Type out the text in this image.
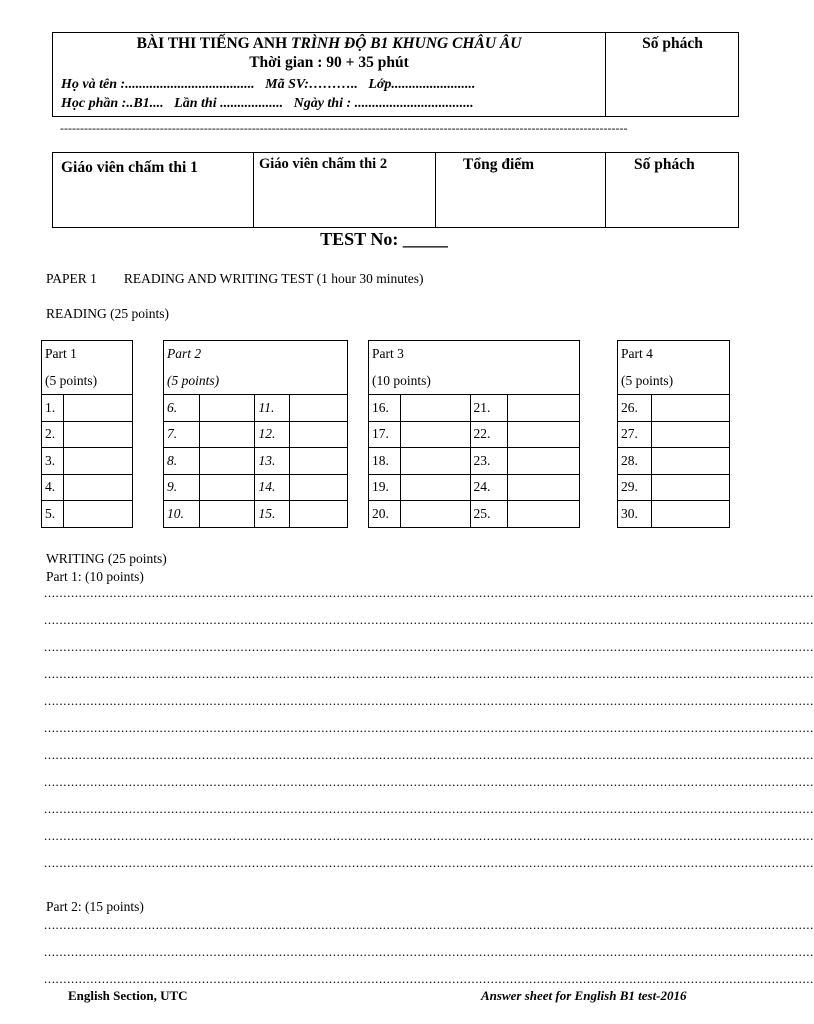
BÀI THI TIẾNG ANH TRÌNH ĐỘ B1 KHUNG CHÂU ÂU
Thời gian : 90 + 35 phút
Họ và tên :.....................................   Mã SV:………..   Lớp........................
Học phần :..B1....   Lần thi ..................   Ngày thi : ..................................
Số phách
----------------------------------------------------------------------------------------------------------------------------------------------
Giáo viên chấm thi 1	Giáo viên chấm thi 2	Tổng điểm	Số phách
TEST No: _____
PAPER 1        READING AND WRITING TEST (1 hour 30 minutes)
READING (25 points)
Part 1	
(5 points)	
1.	
2.	
3.	
4.	
5.	
Part 2			
(5 points)			
6.		11.	
7.		12.	
8.		13.	
9.		14.	
10.		15.	
Part 3			
(10 points)			
16.		21.	
17.		22.	
18.		23.	
19.		24.	
20.		25.	
Part 4	
(5 points)	
26.	
27.	
28.	
29.	
30.	
WRITING (25 points)
Part 1: (10 points)
........................................................................................................................................................................................................
........................................................................................................................................................................................................
........................................................................................................................................................................................................
........................................................................................................................................................................................................
........................................................................................................................................................................................................
........................................................................................................................................................................................................
........................................................................................................................................................................................................
........................................................................................................................................................................................................
........................................................................................................................................................................................................
........................................................................................................................................................................................................
........................................................................................................................................................................................................
Part 2: (15 points)
........................................................................................................................................................................................................
........................................................................................................................................................................................................
........................................................................................................................................................................................................
English Section, UTC	Answer sheet for English B1 test-2016
